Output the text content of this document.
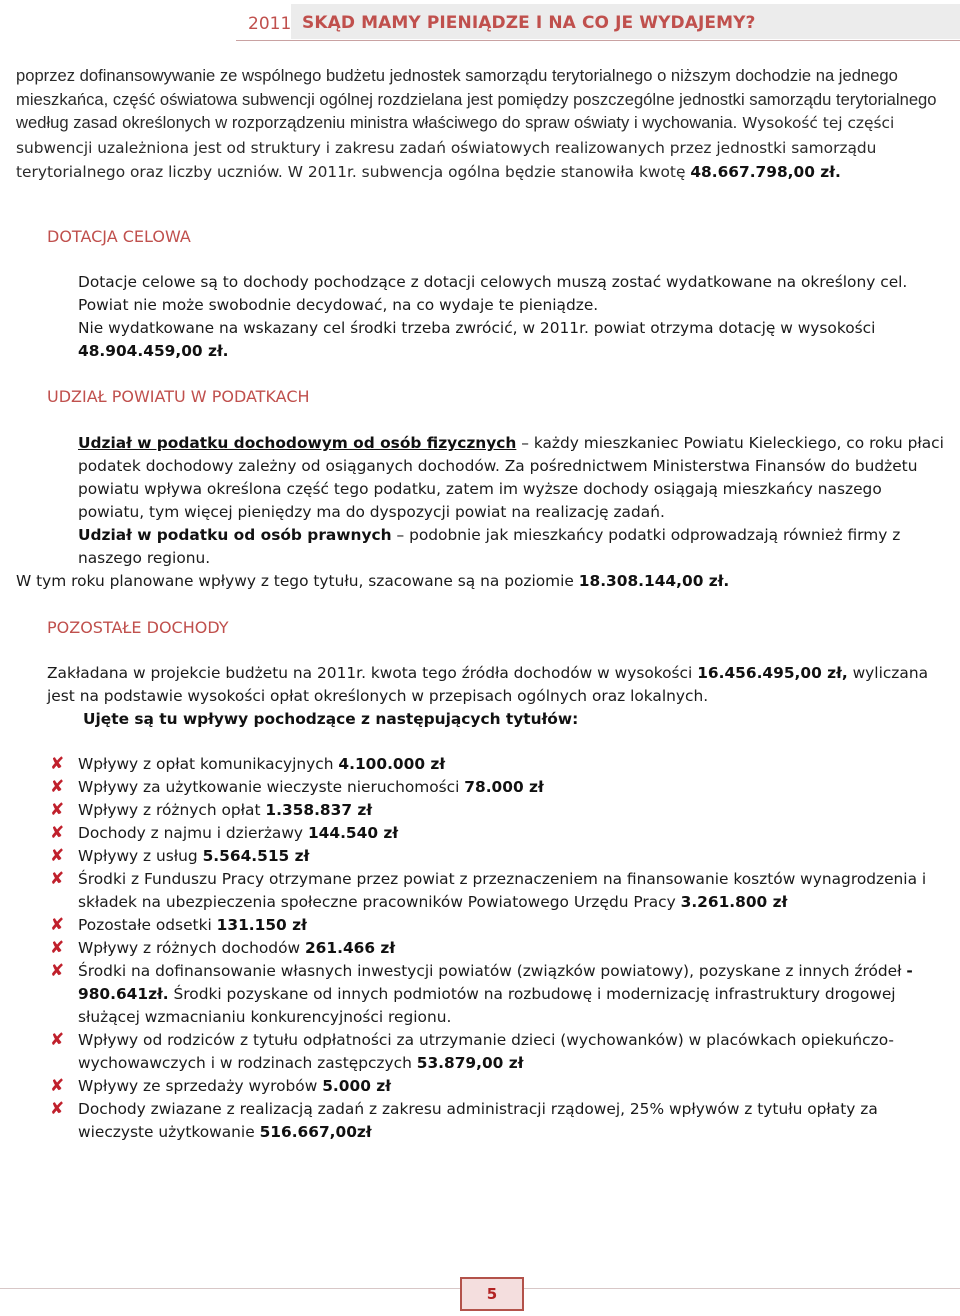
2011 SKĄD MAMY PIENIĄDZE I NA CO JE WYDAJEMY?

poprzez dofinansowywanie ze wspólnego budżetu jednostek samorządu terytorialnego o niższym dochodzie na jednego mieszkańca, część oświatowa subwencji ogólnej rozdzielana jest pomiędzy poszczególne jednostki samorządu terytorialnego według zasad określonych w rozporządzeniu ministra właściwego do spraw oświaty i wychowania. Wysokość tej części subwencji uzależniona jest od struktury i zakresu zadań oświatowych realizowanych przez jednostki samorządu terytorialnego oraz liczby uczniów. W 2011r. subwencja ogólna będzie stanowiła kwotę 48.667.798,00 zł.

DOTACJA CELOWA

Dotacje celowe są to dochody pochodzące z dotacji celowych muszą zostać wydatkowane na określony cel. Powiat nie może swobodnie decydować, na co wydaje te pieniądze.

Nie wydatkowane na wskazany cel środki trzeba zwrócić, w 2011r. powiat otrzyma dotację w wysokości 48.904.459,00 zł.

UDZIAŁ POWIATU W PODATKACH

Udział w podatku dochodowym od osób fizycznych – każdy mieszkaniec Powiatu Kieleckiego, co roku płaci podatek dochodowy zależny od osiąganych dochodów. Za pośrednictwem Ministerstwa Finansów do budżetu powiatu wpływa określona część tego podatku, zatem im wyższe dochody osiągają mieszkańcy naszego powiatu, tym więcej pieniędzy ma do dyspozycji powiat na realizację zadań.

Udział w podatku od osób prawnych – podobnie jak mieszkańcy podatki odprowadzają również firmy z naszego regionu.

W tym roku planowane wpływy z tego tytułu, szacowane są na poziomie 18.308.144,00 zł.

POZOSTAŁE DOCHODY

Zakładana w projekcie budżetu na 2011r. kwota tego źródła dochodów w wysokości 16.456.495,00 zł, wyliczana jest na podstawie wysokości opłat określonych w przepisach ogólnych oraz lokalnych.

Ujęte są tu wpływy pochodzące z następujących tytułów:

✘ Wpływy z opłat komunikacyjnych 4.100.000 zł
✘ Wpływy za użytkowanie wieczyste nieruchomości 78.000 zł
✘ Wpływy z różnych opłat 1.358.837 zł
✘ Dochody z najmu i dzierżawy 144.540 zł
✘ Wpływy z usług 5.564.515 zł
✘ Środki z Funduszu Pracy otrzymane przez powiat z przeznaczeniem na finansowanie kosztów wynagrodzenia i składek na ubezpieczenia społeczne pracowników Powiatowego Urzędu Pracy 3.261.800 zł
✘ Pozostałe odsetki 131.150 zł
✘ Wpływy z różnych dochodów 261.466 zł
✘ Środki na dofinansowanie własnych inwestycji powiatów (związków powiatowy), pozyskane z innych źródeł - 980.641zł. Środki pozyskane od innych podmiotów na rozbudowę i modernizację infrastruktury drogowej służącej wzmacnianiu konkurencyjności regionu.
✘ Wpływy od rodziców z tytułu odpłatności za utrzymanie dzieci (wychowanków) w placówkach opiekuńczo-wychowawczych i w rodzinach zastępczych 53.879,00 zł
✘ Wpływy ze sprzedaży wyrobów 5.000 zł
✘ Dochody zwiazane z realizacją zadań z zakresu administracji rządowej, 25% wpływów z tytułu opłaty za wieczyste użytkowanie 516.667,00zł
5
